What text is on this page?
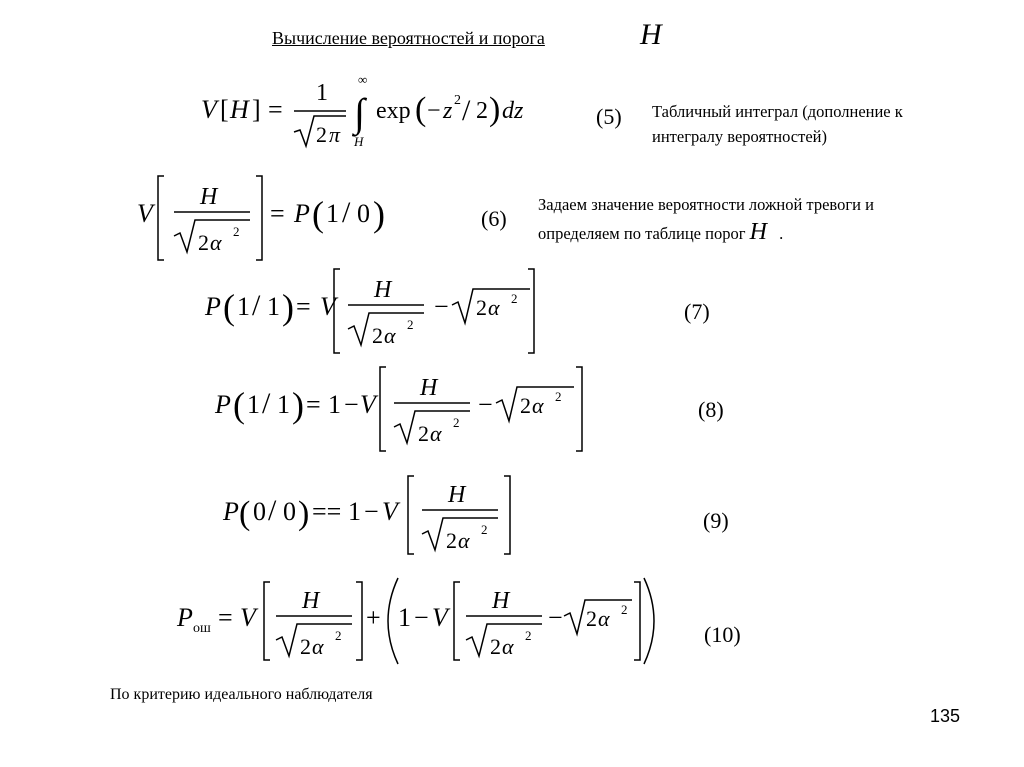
Вычисление вероятностей и порога	H
V [ H ] =
1
2 π ∫
∞
H
exp ( − z 2 / 2 ) dz	(5) Табличный интеграл (дополнение к
интегралу вероятностей)
V
H
2 α 2
= P ( 1 / 0 )	(6)
Задаем значение вероятности ложной тревоги и
определяем по таблице порог H .
P ( 1 / 1 ) = V
H
2 α 2
− 2 α 2
(7)
P ( 1 / 1 ) = 1 − V
H
2 α 2
− 2 α 2
(8)
P ( 0 / 0 ) == 1 − V
H
2 α 2	(9)
P ош = V
H
2 α 2
+ 1 − V
H
2 α 2
− 2 α 2
(10)
По критерию идеального наблюдателя
135
